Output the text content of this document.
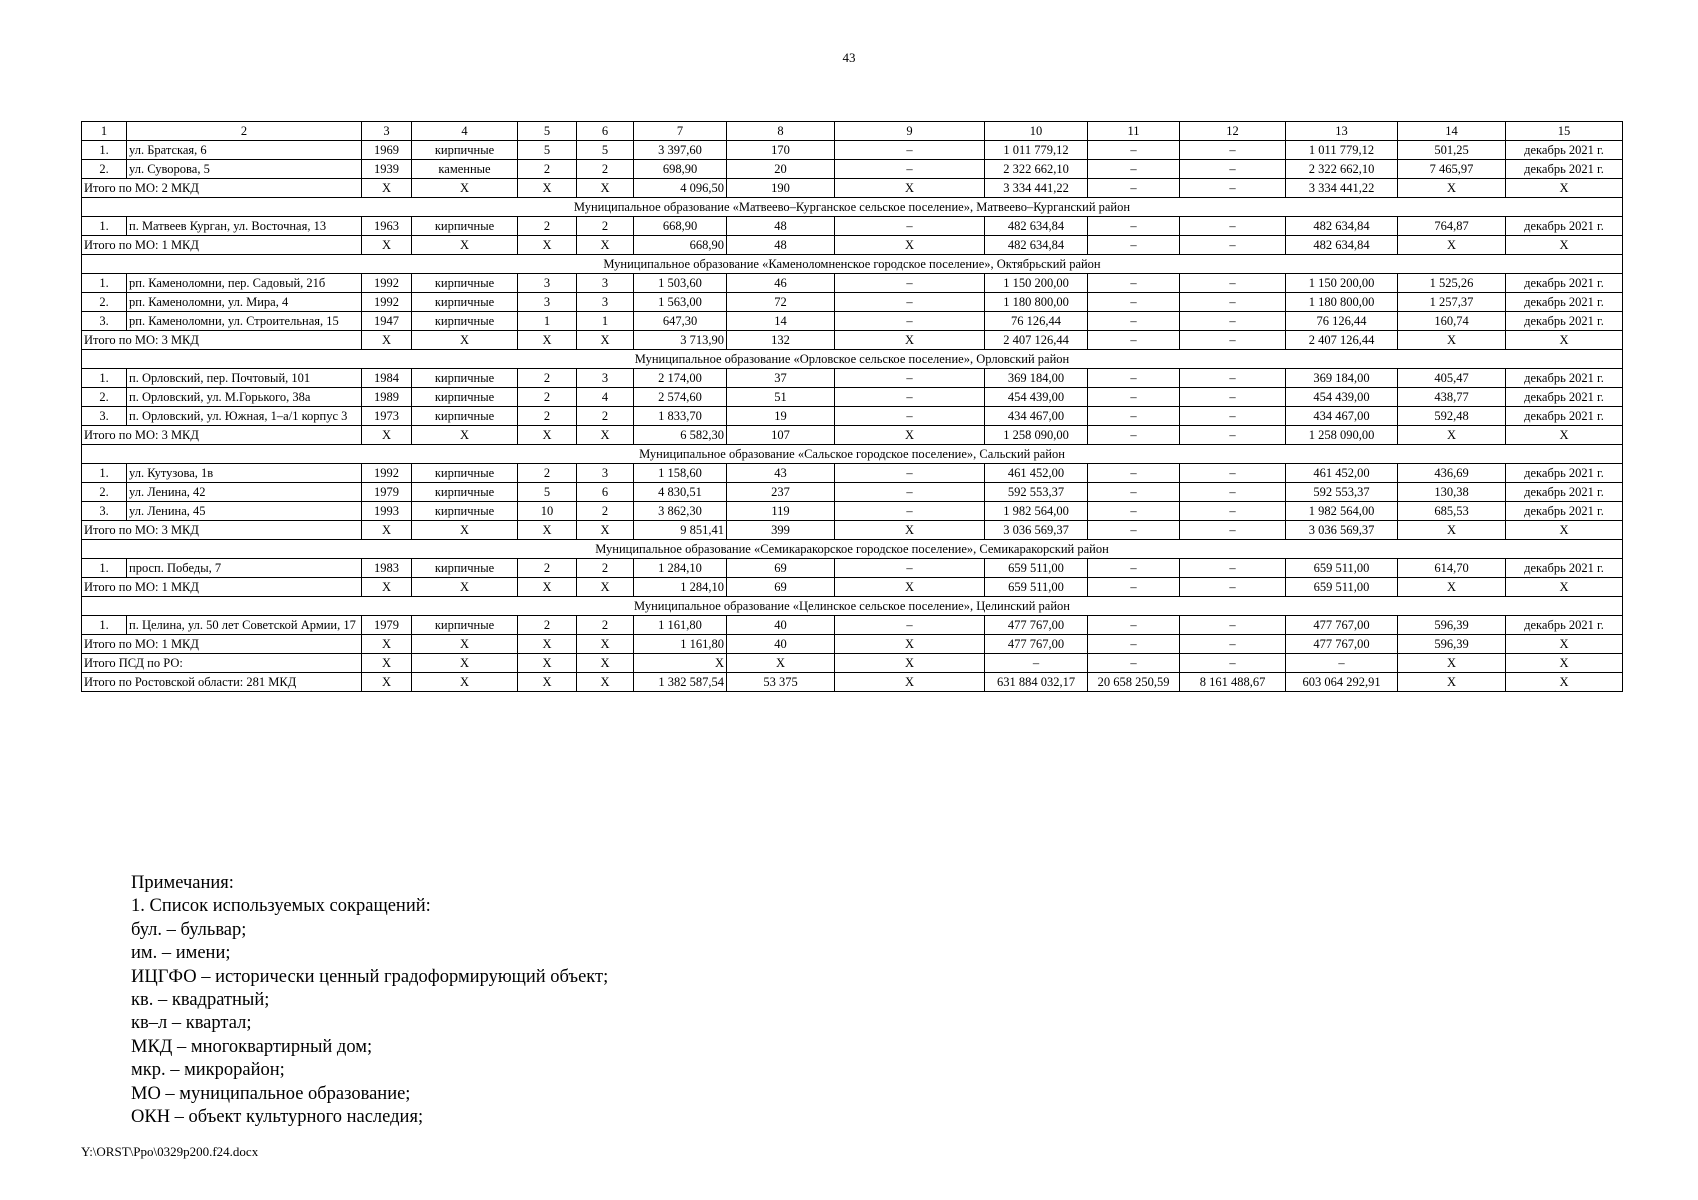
43
1	2	3	4	5	6	7	8	9	10	11	12	13	14	15
1.	ул. Братская, 6	1969	кирпичные	5	5	3 397,60	170	–	1 011 779,12	–	–	1 011 779,12	501,25	декабрь 2021 г.
2.	ул. Суворова, 5	1939	каменные	2	2	698,90	20	–	2 322 662,10	–	–	2 322 662,10	7 465,97	декабрь 2021 г.
Итого по МО: 2 МКД		X	X	X	X	4 096,50	190	X	3 334 441,22	–	–	3 334 441,22	X	X
Муниципальное образование «Матвеево–Курганское сельское поселение», Матвеево–Курганский район														
1.	п. Матвеев Курган, ул. Восточная, 13	1963	кирпичные	2	2	668,90	48	–	482 634,84	–	–	482 634,84	764,87	декабрь 2021 г.
Итого по МО: 1 МКД		X	X	X	X	668,90	48	X	482 634,84	–	–	482 634,84	X	X
Муниципальное образование «Каменоломненское городское поселение», Октябрьский район														
1.	рп. Каменоломни, пер. Садовый, 21б	1992	кирпичные	3	3	1 503,60	46	–	1 150 200,00	–	–	1 150 200,00	1 525,26	декабрь 2021 г.
2.	рп. Каменоломни, ул. Мира, 4	1992	кирпичные	3	3	1 563,00	72	–	1 180 800,00	–	–	1 180 800,00	1 257,37	декабрь 2021 г.
3.	рп. Каменоломни, ул. Строительная, 15	1947	кирпичные	1	1	647,30	14	–	76 126,44	–	–	76 126,44	160,74	декабрь 2021 г.
Итого по МО: 3 МКД		X	X	X	X	3 713,90	132	X	2 407 126,44	–	–	2 407 126,44	X	X
Муниципальное образование «Орловское сельское поселение», Орловский район														
1.	п. Орловский, пер. Почтовый, 101	1984	кирпичные	2	3	2 174,00	37	–	369 184,00	–	–	369 184,00	405,47	декабрь 2021 г.
2.	п. Орловский, ул. М.Горького, 38а	1989	кирпичные	2	4	2 574,60	51	–	454 439,00	–	–	454 439,00	438,77	декабрь 2021 г.
3.	п. Орловский, ул. Южная, 1–а/1 корпус 3	1973	кирпичные	2	2	1 833,70	19	–	434 467,00	–	–	434 467,00	592,48	декабрь 2021 г.
Итого по МО: 3 МКД		X	X	X	X	6 582,30	107	X	1 258 090,00	–	–	1 258 090,00	X	X
Муниципальное образование «Сальское городское поселение», Сальский район														
1.	ул. Кутузова, 1в	1992	кирпичные	2	3	1 158,60	43	–	461 452,00	–	–	461 452,00	436,69	декабрь 2021 г.
2.	ул. Ленина, 42	1979	кирпичные	5	6	4 830,51	237	–	592 553,37	–	–	592 553,37	130,38	декабрь 2021 г.
3.	ул. Ленина, 45	1993	кирпичные	10	2	3 862,30	119	–	1 982 564,00	–	–	1 982 564,00	685,53	декабрь 2021 г.
Итого по МО: 3 МКД		X	X	X	X	9 851,41	399	X	3 036 569,37	–	–	3 036 569,37	X	X
Муниципальное образование «Семикаракорское городское поселение», Семикаракорский район														
1.	просп. Победы, 7	1983	кирпичные	2	2	1 284,10	69	–	659 511,00	–	–	659 511,00	614,70	декабрь 2021 г.
Итого по МО: 1 МКД		X	X	X	X	1 284,10	69	X	659 511,00	–	–	659 511,00	X	X
Муниципальное образование «Целинское сельское поселение», Целинский район														
1.	п. Целина, ул. 50 лет Советской Армии, 17	1979	кирпичные	2	2	1 161,80	40	–	477 767,00	–	–	477 767,00	596,39	декабрь 2021 г.
Итого по МО: 1 МКД		X	X	X	X	1 161,80	40	X	477 767,00	–	–	477 767,00	596,39	X
Итого ПСД по РО:		X	X	X	X	X	X	X	–	–	–	–	X	X
Итого по Ростовской области: 281 МКД		X	X	X	X	1 382 587,54	53 375	X	631 884 032,17	20 658 250,59	8 161 488,67	603 064 292,91	X	X
Примечания:
1. Список используемых сокращений:
бул. – бульвар;
им. – имени;
ИЦГФО – исторически ценный градоформирующий объект;
кв. – квадратный;
кв–л – квартал;
МКД – многоквартирный дом;
мкр. – микрорайон;
МО – муниципальное образование;
ОКН – объект культурного наследия;
Y:\ORST\Ppo\0329p200.f24.docx
